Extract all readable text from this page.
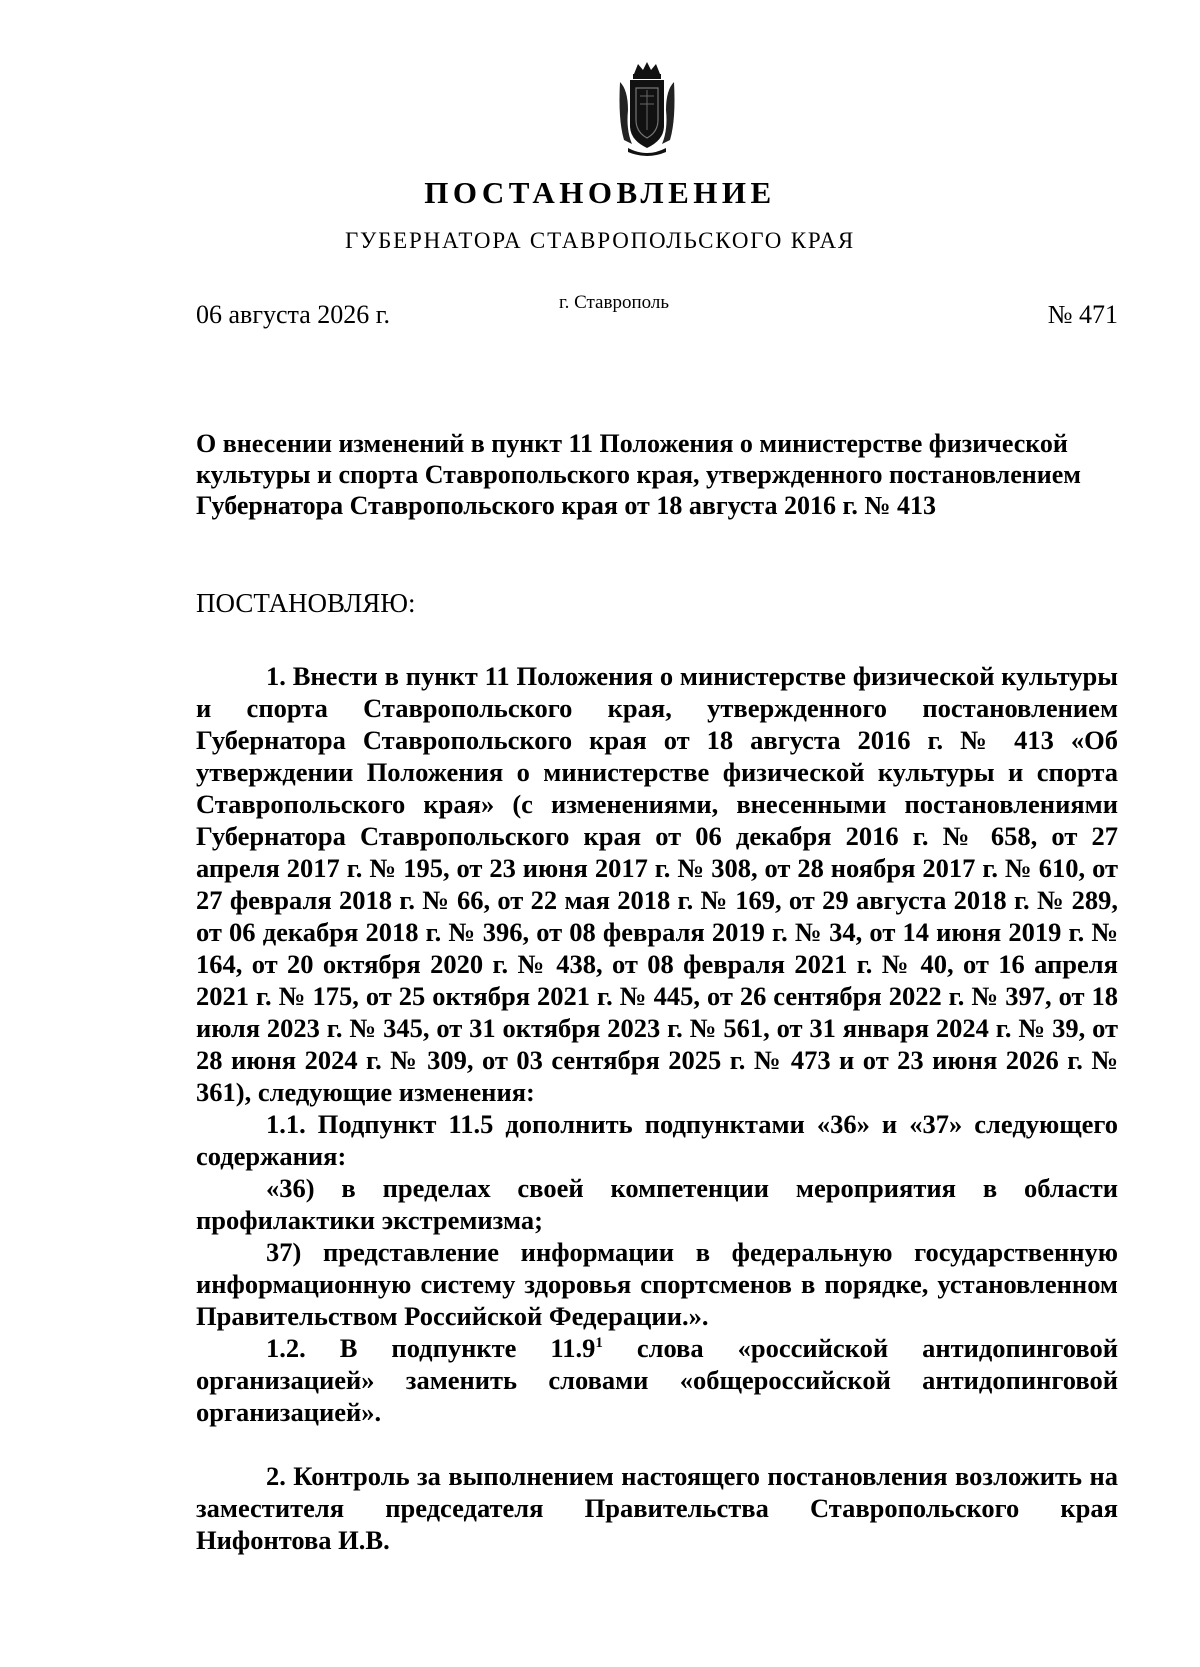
ПОСТАНОВЛЕНИЕ
ГУБЕРНАТОРА СТАВРОПОЛЬСКОГО КРАЯ
г. Ставрополь
06 августа 2026 г.	№ 471
О внесении изменений в пункт 11 Положения о министерстве физической культуры и спорта Ставропольского края, утвержденного постановлением Губернатора Ставропольского края от 18 августа 2016 г. № 413
ПОСТАНОВЛЯЮ:

1. Внести в пункт 11 Положения о министерстве физической культуры и спорта Ставропольского края, утвержденного постановлением Губернатора Ставропольского края от 18 августа 2016 г. № 413 «Об утверждении Положения о министерстве физической культуры и спорта Ставропольского края» (с изменениями, внесенными постановлениями Губернатора Ставропольского края от 06 декабря 2016 г. № 658, от 27 апреля 2017 г. № 195, от 23 июня 2017 г. № 308, от 28 ноября 2017 г. № 610, от 27 февраля 2018 г. № 66, от 22 мая 2018 г. № 169, от 29 августа 2018 г. № 289, от 06 декабря 2018 г. № 396, от 08 февраля 2019 г. № 34, от 14 июня 2019 г. № 164, от 20 октября 2020 г. № 438, от 08 февраля 2021 г. № 40, от 16 апреля 2021 г. № 175, от 25 октября 2021 г. № 445, от 26 сентября 2022 г. № 397, от 18 июля 2023 г. № 345, от 31 октября 2023 г. № 561, от 31 января 2024 г. № 39, от 28 июня 2024 г. № 309, от 03 сентября 2025 г. № 473 и от 23 июня 2026 г. № 361), следующие изменения:

1.1. Подпункт 11.5 дополнить подпунктами «36» и «37» следующего содержания:

«36) в пределах своей компетенции мероприятия в области профилактики экстремизма;

37) представление информации в федеральную государственную информационную систему здоровья спортсменов в порядке, установленном Правительством Российской Федерации.».

1.2. В подпункте 11.9$^1$ слова «российской антидопинговой организацией» заменить словами «общероссийской антидопинговой организацией».

2. Контроль за выполнением настоящего постановления возложить на заместителя председателя Правительства Ставропольского края Нифонтова И.В.
